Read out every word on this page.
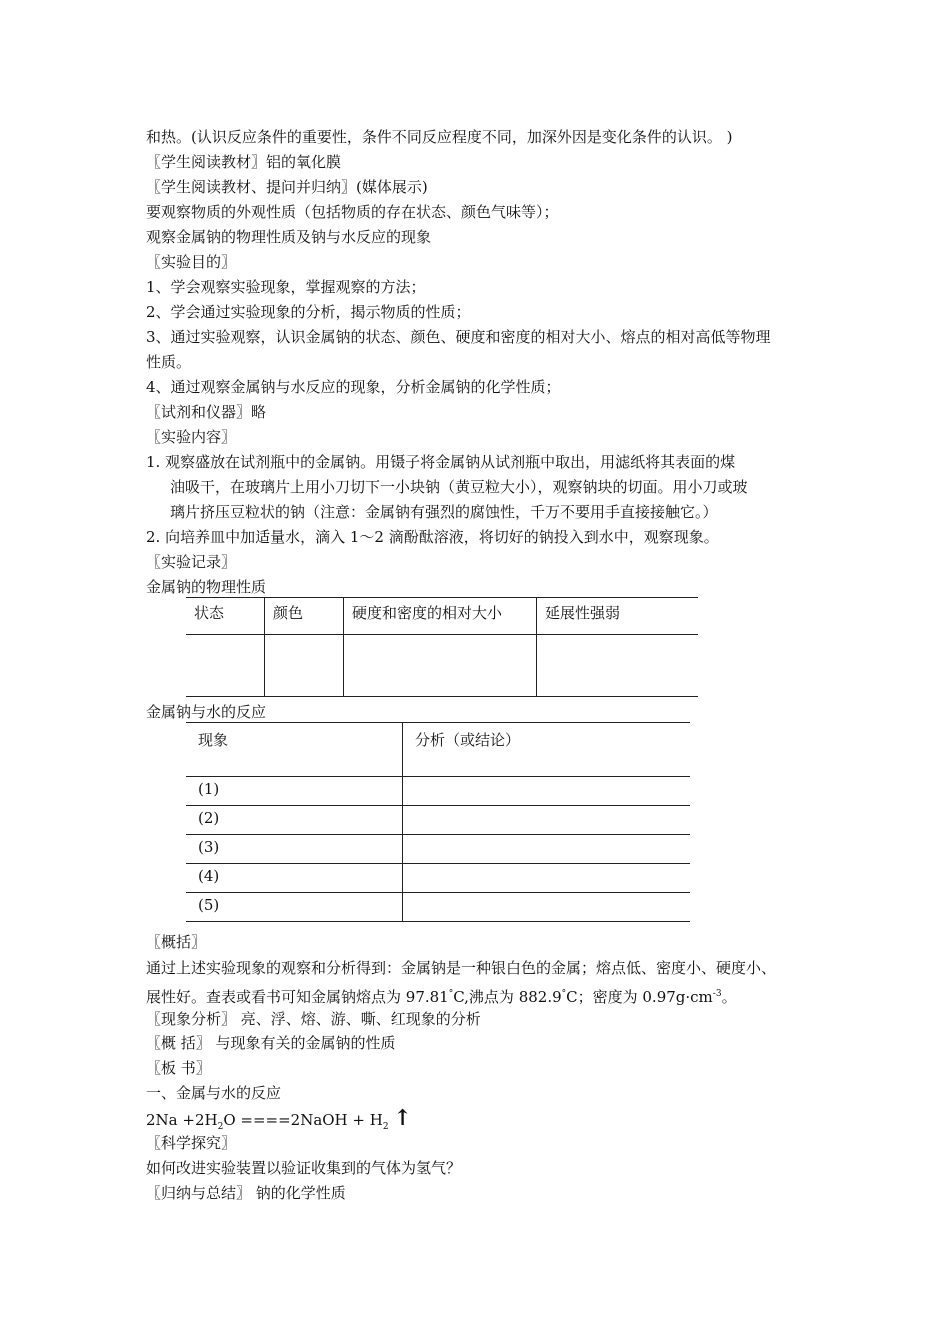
和热。(认识反应条件的重要性，条件不同反应程度不同，加深外因是变化条件的认识。 )
〖学生阅读教材〗铝的氧化膜
〖学生阅读教材、提问并归纳〗(媒体展示)
要观察物质的外观性质（包括物质的存在状态、颜色气味等）；
观察金属钠的物理性质及钠与水反应的现象
〖实验目的〗
1、学会观察实验现象，掌握观察的方法；
2、学会通过实验现象的分析，揭示物质的性质；
3、通过实验观察，认识金属钠的状态、颜色、硬度和密度的相对大小、熔点的相对高低等物理
性质。
4、通过观察金属钠与水反应的现象，分析金属钠的化学性质；
〖试剂和仪器〗略
〖实验内容〗
1. 观察盛放在试剂瓶中的金属钠。用镊子将金属钠从试剂瓶中取出，用滤纸将其表面的煤
油吸干，在玻璃片上用小刀切下一小块钠（黄豆粒大小），观察钠块的切面。用小刀或玻
璃片挤压豆粒状的钠（注意：金属钠有强烈的腐蚀性，千万不要用手直接接触它。）
2. 向培养皿中加适量水，滴入 1～2 滴酚酞溶液，将切好的钠投入到水中，观察现象。
〖实验记录〗
金属钠的物理性质
状态	颜色	硬度和密度的相对大小	延展性强弱

金属钠与水的反应
现象	分析（或结论）
(1)	
(2)	
(3)	
(4)	
(5)	
〖概括〗
通过上述实验现象的观察和分析得到：金属钠是一种银白色的金属；熔点低、密度小、硬度小、
展性好。查表或看书可知金属钠熔点为 97.81°C,沸点为 882.9°C；密度为 $0.97g\cdot cm^{-3}$。
〖现象分析〗 亮、浮、熔、游、嘶、红现象的分析
〖概 括〗 与现象有关的金属钠的性质
〖板 书〗
一、金属与水的反应
$2Na +2H_2O$ ====2NaOH + $H_2$ ↑
〖科学探究〗
如何改进实验装置以验证收集到的气体为氢气？
〖归纳与总结〗 钠的化学性质
